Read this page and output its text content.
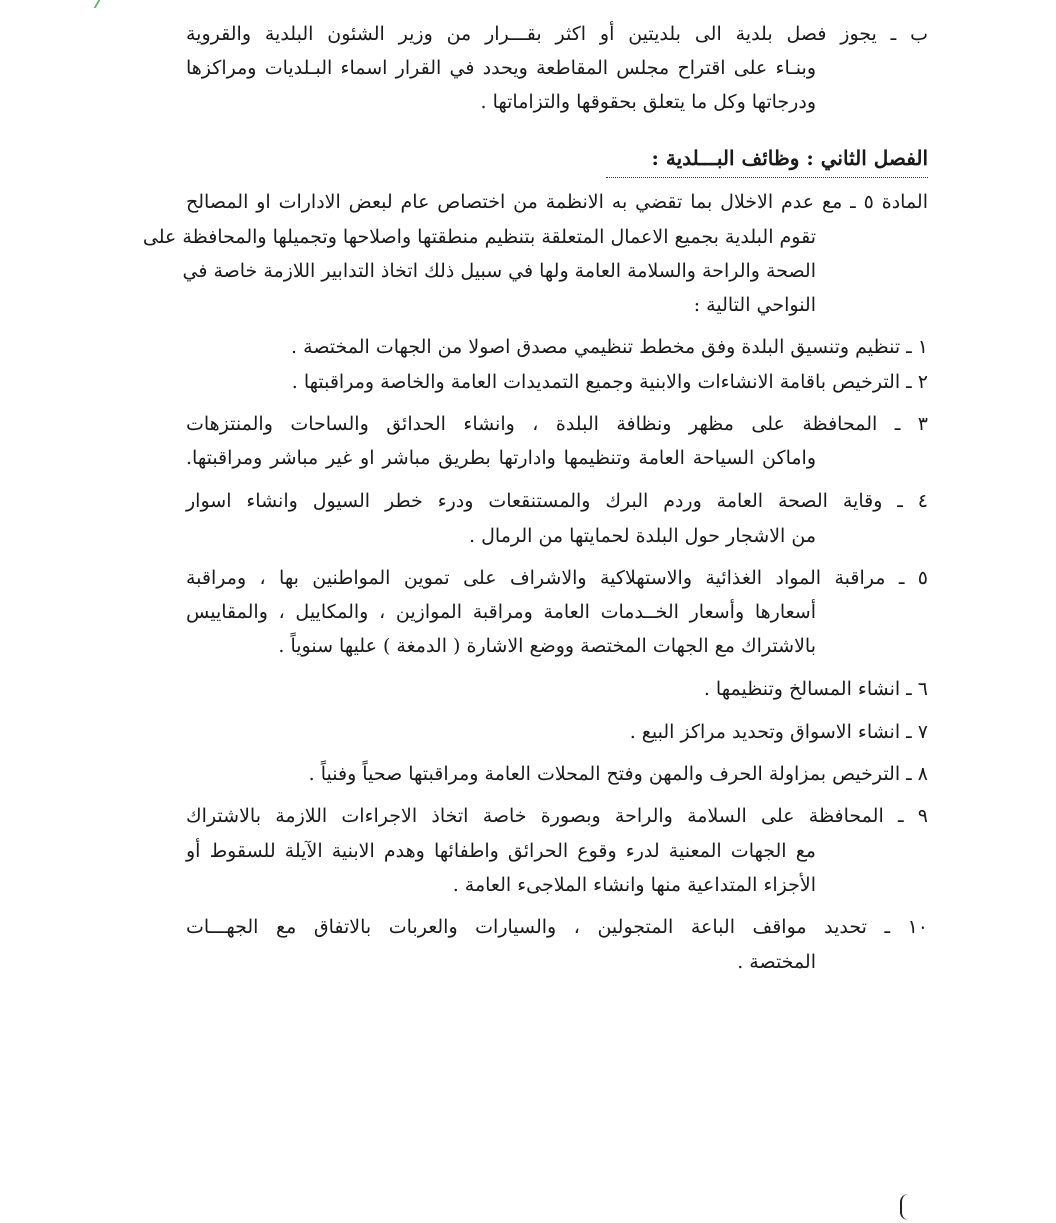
ب ـ يجوز فصل بلدية الى بلديتين أو اكثر بقـــرار من وزير الشئون البلدية والقروية
وبنـاء على اقتراح مجلس المقاطعة ويحدد في القرار اسماء البـلديات ومراكزها
ودرجاتها وكل ما يتعلق بحقوقها والتزاماتها .
الفصل الثاني : وظائف البـــلدية :
المادة ٥ ـ مع عدم الاخلال بما تقضي به الانظمة من اختصاص عام لبعض الادارات او المصالح
تقوم البلدية بجميع الاعمال المتعلقة بتنظيم منطقتها واصلاحها وتجميلها والمحافظة على
الصحة والراحة والسلامة العامة ولها في سبيل ذلك اتخاذ التدابير اللازمة خاصة في
النواحي التالية :
١ ـ تنظيم وتنسيق البلدة وفق مخطط تنظيمي مصدق اصولا من الجهات المختصة .
٢ ـ الترخيص باقامة الانشاءات والابنية وجميع التمديدات العامة والخاصة ومراقبتها .
٣ ـ المحافظة على مظهر ونظافة البلدة ، وانشاء الحدائق والساحات والمنتزهات
واماكن السياحة العامة وتنظيمها وادارتها بطريق مباشر او غير مباشر ومراقبتها.
٤ ـ وقاية الصحة العامة وردم البرك والمستنقعات ودرء خطر السيول وانشاء اسوار
من الاشجار حول البلدة لحمايتها من الرمال .
٥ ـ مراقبة المواد الغذائية والاستهلاكية والاشراف على تموين المواطنين بها ، ومراقبة
أسعارها وأسعار الخــدمات العامة ومراقبة الموازين ، والمكاييل ، والمقاييس
بالاشتراك مع الجهات المختصة ووضع الاشارة ( الدمغة ) عليها سنوياً .
٦ ـ انشاء المسالخ وتنظيمها .
٧ ـ انشاء الاسواق وتحديد مراكز البيع .
٨ ـ الترخيص بمزاولة الحرف والمهن وفتح المحلات العامة ومراقبتها صحياً وفنياً .
٩ ـ المحافظة على السلامة والراحة وبصورة خاصة اتخاذ الاجراءات اللازمة بالاشتراك
مع الجهات المعنية لدرء وقوع الحرائق واطفائها وهدم الابنية الآيلة للسقوط أو
الأجزاء المتداعية منها وانشاء الملاجىء العامة .
١٠ ـ تحديد مواقف الباعة المتجولين ، والسيارات والعربات بالاتفاق مع الجهـــات
المختصة .
